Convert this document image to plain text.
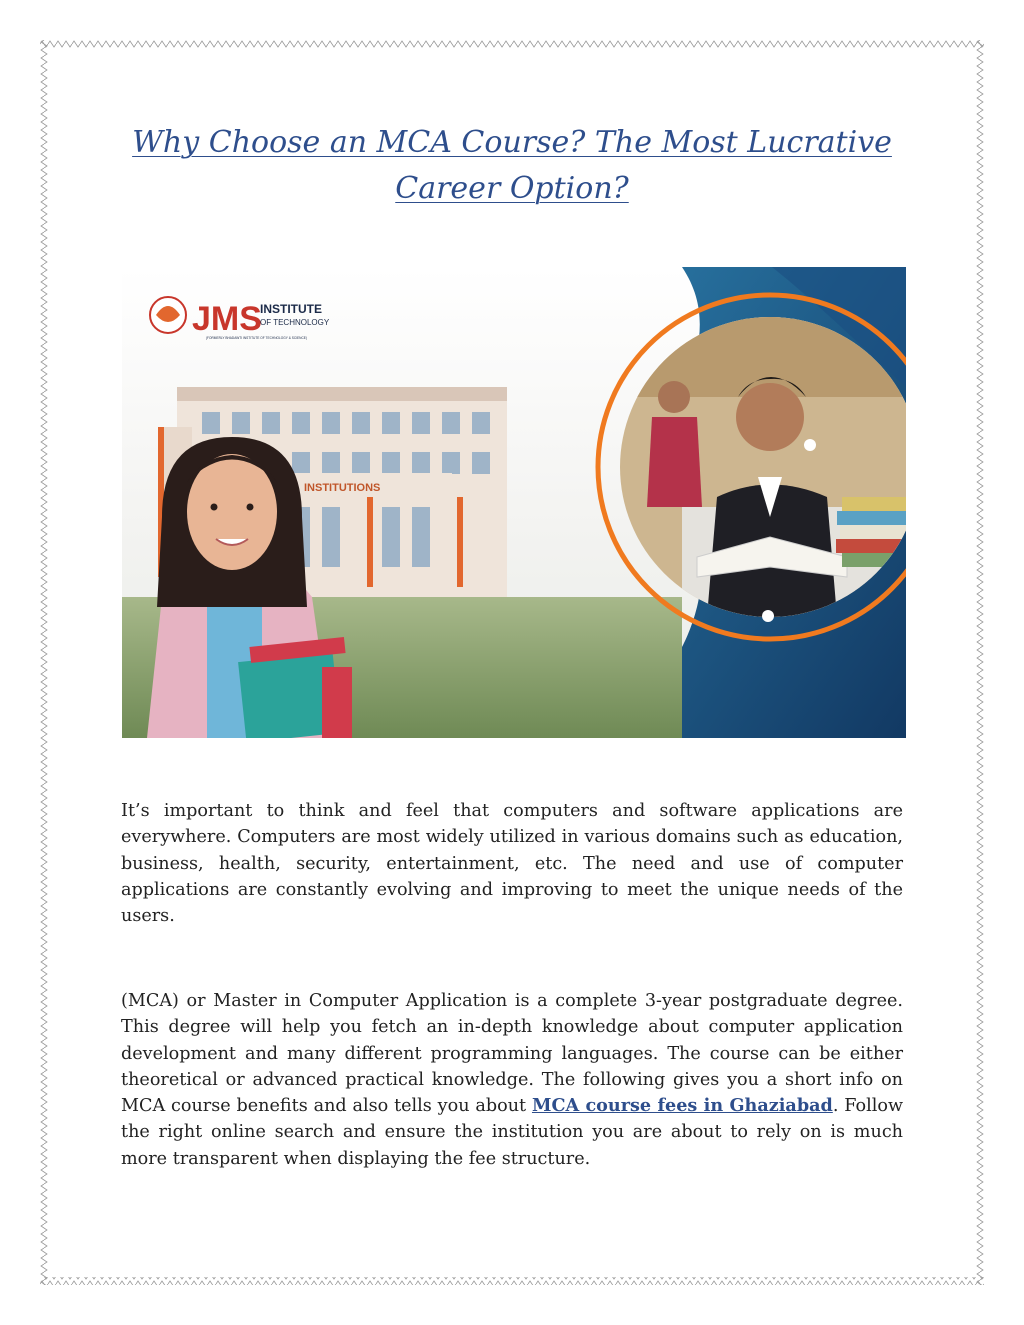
Why Choose an MCA Course? The Most Lucrative
Career Option?
INSTITUTIONS
JMS
INSTITUTE
OF TECHNOLOGY
(FORMERLY BHADAWTI INSTITUTE OF TECHNOLOGY & SCIENCE)

It’s important to think and feel that computers and software applications are everywhere. Computers are most widely utilized in various domains such as education, business, health, security, entertainment, etc. The need and use of computer applications are constantly evolving and improving to meet the unique needs of the users.

(MCA) or Master in Computer Application is a complete 3-year postgraduate degree. This degree will help you fetch an in-depth knowledge about computer application development and many different programming languages. The course can be either theoretical or advanced practical knowledge. The following gives you a short info on MCA course benefits and also tells you about MCA course fees in Ghaziabad. Follow the right online search and ensure the institution you are about to rely on is much more transparent when displaying the fee structure.
